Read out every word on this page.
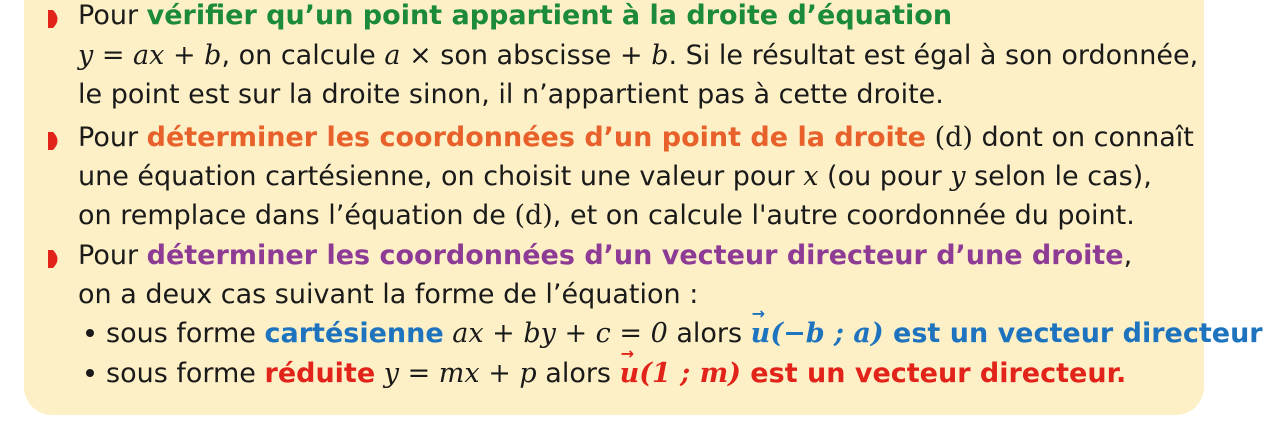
Pour vérifier qu’un point appartient à la droite d’équation
y = ax + b, on calcule a × son abscisse + b. Si le résultat est égal à son ordonnée,
le point est sur la droite sinon, il n’appartient pas à cette droite.
Pour déterminer les coordonnées d’un point de la droite (d) dont on connaît
une équation cartésienne, on choisit une valeur pour x (ou pour y selon le cas),
on remplace dans l’équation de (d), et on calcule l'autre coordonnée du point.
Pour déterminer les coordonnées d’un vecteur directeur d’une droite,
on a deux cas suivant la forme de l’équation :
sous forme cartésienne ax + by + c = 0 alors
→
u(−b ; a) est un vecteur directeur
sous forme réduite y = mx + p alors
→
u(1 ; m) est un vecteur directeur.
